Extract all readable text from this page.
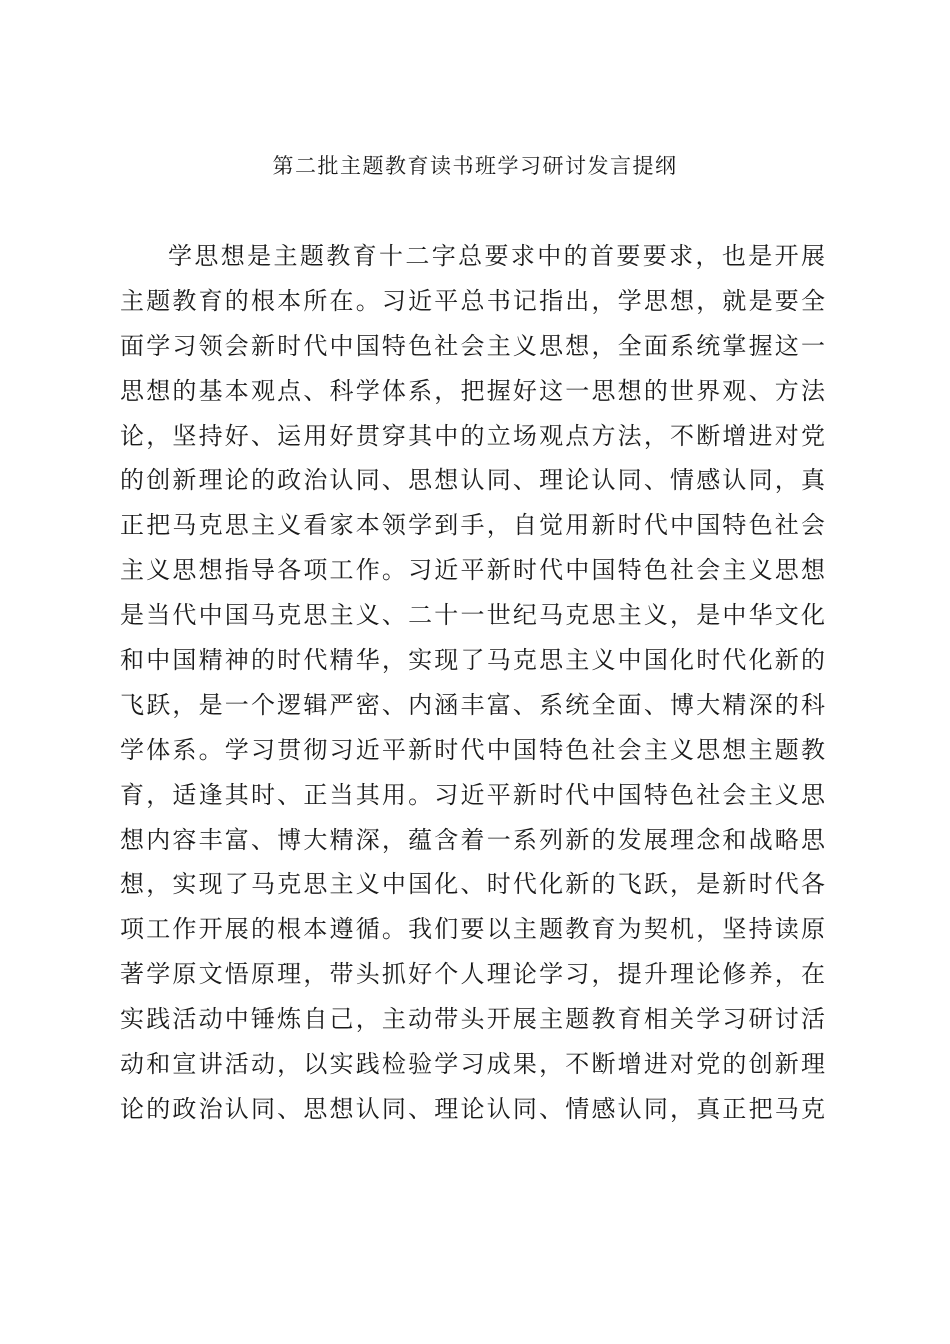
第二批主题教育读书班学习研讨发言提纲
学思想是主题教育十二字总要求中的首要要求，也是开展
主题教育的根本所在。习近平总书记指出，学思想，就是要全
面学习领会新时代中国特色社会主义思想，全面系统掌握这一
思想的基本观点、科学体系，把握好这一思想的世界观、方法
论，坚持好、运用好贯穿其中的立场观点方法，不断增进对党
的创新理论的政治认同、思想认同、理论认同、情感认同，真
正把马克思主义看家本领学到手，自觉用新时代中国特色社会
主义思想指导各项工作。习近平新时代中国特色社会主义思想
是当代中国马克思主义、二十一世纪马克思主义，是中华文化
和中国精神的时代精华，实现了马克思主义中国化时代化新的
飞跃，是一个逻辑严密、内涵丰富、系统全面、博大精深的科
学体系。学习贯彻习近平新时代中国特色社会主义思想主题教
育，适逢其时、正当其用。习近平新时代中国特色社会主义思
想内容丰富、博大精深，蕴含着一系列新的发展理念和战略思
想，实现了马克思主义中国化、时代化新的飞跃，是新时代各
项工作开展的根本遵循。我们要以主题教育为契机，坚持读原
著学原文悟原理，带头抓好个人理论学习，提升理论修养，在
实践活动中锤炼自己，主动带头开展主题教育相关学习研讨活
动和宣讲活动，以实践检验学习成果，不断增进对党的创新理
论的政治认同、思想认同、理论认同、情感认同，真正把马克
